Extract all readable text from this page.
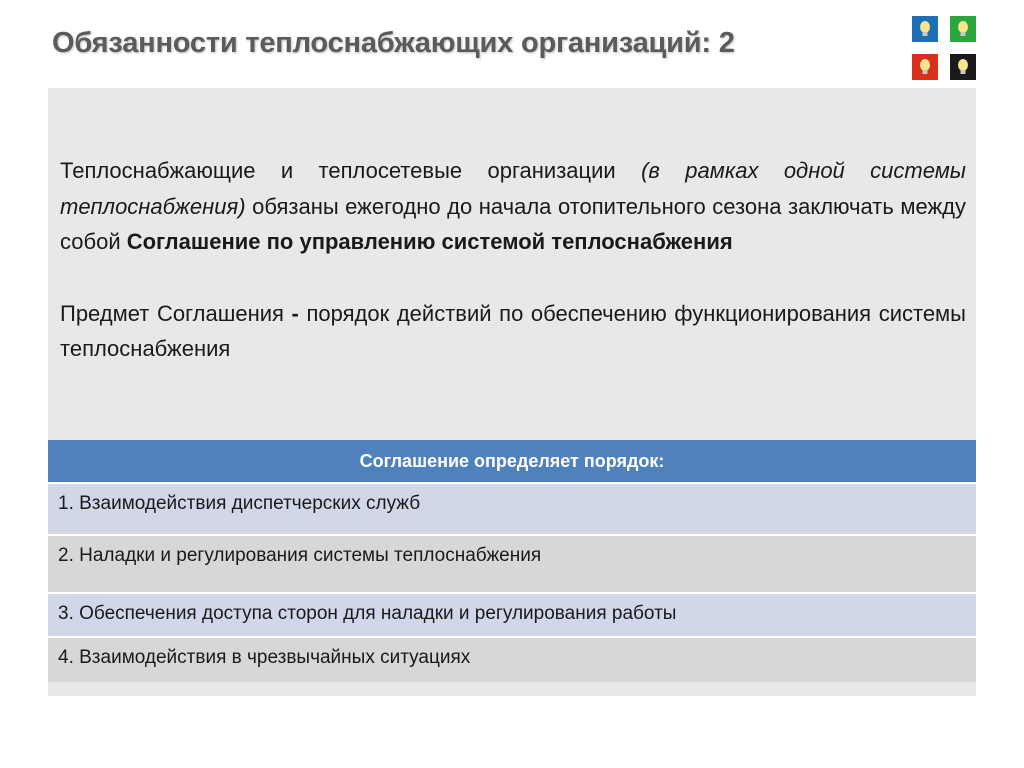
Обязанности теплоснабжающих организаций: 2

Теплоснабжающие и теплосетевые организации (в рамках одной системы теплоснабжения) обязаны ежегодно до начала отопительного сезона заключать между собой Соглашение по управлению системой теплоснабжения

Предмет Соглашения - порядок действий по обеспечению функционирования системы теплоснабжения

Соглашение определяет порядок:
1. Взаимодействия диспетчерских служб
2. Наладки и регулирования системы теплоснабжения
3. Обеспечения доступа сторон для наладки и регулирования работы
4. Взаимодействия в чрезвычайных ситуациях
